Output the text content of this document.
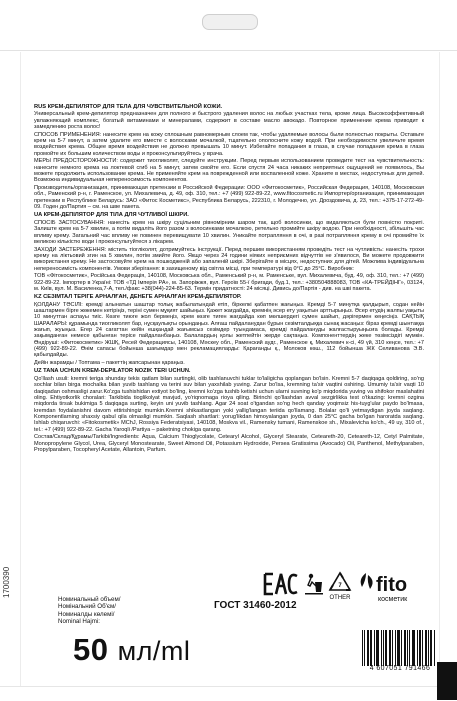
RUS КРЕМ-ДЕПИЛЯТОР ДЛЯ ТЕЛА ДЛЯ ЧУВСТВИТЕЛЬНОЙ КОЖИ.

Универсальный крем-депилятор предназначен для полного и быстрого удаления волос на любых участках тела, кроме лица. Высокоэффективный увлажняющий комплекс, богатый витаминами и минералами, содержит в составе масло авокадо. Повторное применение крема приводит к замедлению роста волос!

СПОСОБ ПРИМЕНЕНИЯ: нанесите крем на кожу сплошным равномерным слоем так, чтобы удаляемые волосы были полностью покрыты. Оставьте крем на 5-7 минут, а затем удалите его вместе с волосками мочалкой, тщательно ополосните кожу водой. При необходимости увеличьте время воздействия крема. Общее время воздействия не должно превышать 10 минут. Избегайте попадания в глаза, в случае попадания крема в глаза промойте их большим количеством воды и проконсультируйтесь у врача.

МЕРЫ ПРЕДОСТОРОЖНОСТИ: содержит тиогликолят, следуйте инструкции. Перед первым использованием проведите тест на чувствительность: нанесите немного крема на локтевой сгиб на 5 минут, затем смойте его. Если спустя 24 часа никаких неприятных ощущений не появилось, Вы можете продолжить использование крема. Не применяйте крем на поврежденной или воспаленной коже. Храните в местах, недоступных для детей. Возможна индивидуальная непереносимость компонентов.

Производитель/организация, принимающая претензии в Российской Федерации: ООО «Фитокосметик», Российская Федерация, 140108, Московская обл., Раменский р-н, г. Раменское, ул. Михалевича, д. 49, оф. 310, тел.: +7 (499) 922-89-22, www.fitocosmetic.ru Импортер/организация, принимающая претензии в Республике Беларусь: ЗАО «Фитос Косметикс», Республика Беларусь, 222310, г. Молодечно, ул. Дроздовича, д. 23, тел.: +375-17-272-49-09. Годен до/Партия – см. на шве пакета.

UA КРЕМ-ДЕПІЛЯТОР ДЛЯ ТІЛА ДЛЯ ЧУТЛИВОЇ ШКІРИ.

СПОСІБ ЗАСТОСУВАННЯ: нанесіть крем на шкіру суцільним рівномірним шаром так, щоб волосинки, що видаляються були повністю покриті. Залиште крем на 5-7 хвилин, а потім видаліть його разом з волосинками мочалкою, ретельно промийте шкіру водою. При необхідності, збільшіть час впливу крему. Загальний час впливу не повинен перевищувати 10 хвилин. Уникайте потрапляння в очі, в разі потрапляння крему в очі промийте їх великою кількістю води і проконсультуйтеся з лікарем.

ЗАХОДИ ЗАСТЕРЕЖЕННЯ: містить тіогліколят, дотримуйтесь інструкції. Перед першим використанням проведіть тест на чутливість: нанесіть трохи крему на ліктьовий згин на 5 хвилин, потім змийте його. Якщо через 24 години ніяких неприємних відчуттів не з'явилося, Ви можете продовжити використання крему. Не застосовуйте крем на пошкодженій або запаленій шкірі. Зберігайте в місцях, недоступних для дітей. Можлива індивідуальна непереносимість компонентів. Умови зберігання: в захищеному від світла місці, при температурі від 0°С до 25°С. Виробник:

ТОВ «Фітокосметик», Російська Федерація, 140108, Московська обл., Раменський р-н, м. Раменське, вул. Михалевича, буд. 49, оф. 310, тел.: +7 (499) 922-89-22. Імпортер в Україні: ТОВ «ТД Імперія РА», м. Запоріжжя, вул. Героїв 55-ї бригади, буд.1, тел.: +380504888083, ТОВ «КА-ТРЕЙДІНГ», 03124, м. Київ, вул. М. Василенка,7-А, тел./факс +38(044)-224-85-63. Термін придатності: 24 місяці. Дивись до/Партія - див. на шві пакета.

KZ СЕЗІМТАЛ ТЕРІГЕ АРНАЛҒАН, ДЕНЕГЕ АРНАЛҒАН КРЕМ-ДЕПИЛЯТОР.

ҚОЛДАНУ ТӘСІЛІ: кремді алынатын шаштар толық жабылатындай етіп, біркелкі қабатпен жағыңыз. Кремді 5-7 минутқа қалдырып, содан кейін шаштармен бірге жөкемен кетіріңіз, теріні сумен мұқият шайыңыз. Қажет жағдайда, кремнің әсер ету уақытын арттырыңыз. Әсер етудің жалпы уақыты 10 минуттан аспауы тиіс. Көзге тиюге жол бермеңіз, крем көзге тиген жағдайда көп мөлшердегі сумен шайып, дәрігермен кеңесіңіз. САҚТЫҚ ШАРАЛАРЫ: құрамында тиогликолят бар, нұсқаулықты орындаңыз. Алғаш пайдаланудан бұрын сезімталдыққа сынақ жасаңыз: біраз кремді шынтаққа жағып, жуыңыз. Егер 24 сағаттан кейін ешқандай жағымсыз сезімдер туындамаса, кремді пайдалануды жалғастыруыңызға болады. Кремді зақымданған немесе қабынған терісе пайдаланбаңыз. Балалардың қолы жетпейтін жерде сақтаңыз. Компоненттердің жеке төзімсіздігі мүмкін. Өндіруші: «Фитокосметик» ЖШҚ, Ресей Федерациясы, 140108, Мәскеу обл., Раменский аудг., Раменское қ, Михалевич к-сі, 49 үй, 310 кеңсе, тел.: +7 (499) 922-89-22. Өнім сапасы бойынша шағымдар мен рекламацияларды: Қарағанды қ., Молоков көш., 112 бойынша ЖК Селиванова Э.В. қабылдайды.

Дейін жарамды / Топтама – пакеттің жапсарынан қараңыз.

UZ TANA UCHUN KREM-DEPILATOR NOZIK TERI UCHUN.

Qo'llash usuli: kremni teriga shunday tekis qatlam bilan surtingki, olib tashlanuvchi tuklar to'laligicha qoplangan bo'lsin. Kremni 5-7 daqiqaga qoldiring, so'ng sochlar bilan birga mochalka bilan yuvib tashlang va terini suv bilan yaxshilab yuving. Zarur bo'lsa, kremning ta'sir vaqtini oshiring. Umumiy ta'sir vaqti 10 daqiqadan oshmasligi zarur.Ko'zga tushishidan extiyot bo'ling, kremni ko'zga tushib ketishi uchun ularni suvning ko'p miqdorida yuving va shifokor maslahatini oling. Ehtiyotkorlik choralari: Tarkibida tioglikolyat mavjud, yo'riqnomaga rioya qiling. Birinchi qo'llashdan avval sezgirlikka test o'tkazing: kremni ozgina miqdorda tirsak bukimiga 5 daqiqaga surting, keyin uni yuvib tashlang. Agar 24 soat o'tgandan so'ng hech qanday yoqimsiz his-tuyg'ular paydo bo'lmasa, kremdan foydalanishni davom ettirishingiz mumkin.Kremni shikastlangan yoki yallig'langan teriida qo'llamang. Bolalar qo'li yetmaydigan joyda saqlang. Komponentlarning shaxsiy qabul qila olmasligi mumkin. Saqlash shartlari: yorug'likdan himoyalangan joyda, 0 dan 25°C gacha bo'lgan haroratda saqlang. Ishlab chiqaruvchi: «Fitokosmetik» MChJ, Rossiya Federatsiyasi, 140108, Moskva vil., Ramensky tumani, Ramenskoe sh., Mixalevicha ko'ch., 49 uy, 310 of., tel.: +7 (499) 922-89-22. Gacha Yaroqli /Partiya – paketning chokiga qarang.

Состав/Склад/Құрамы/Tarkibi/Ingredients: Aqua, Calcium Thioglycolate, Cetearyl Alcohol, Glyceryl Stearate, Ceteareth-20, Ceteareth-12, Cetyl Palmitate, Monopropylene Glycol, Urea, Glyceryl Monostearate, Sweet Almond Oil, Potassium Hydroxide, Persea Gratissima (Avocado) Oil, Panthenol, Methylparaben, Propylparaben, Tocopheryl Acetate, Allantoin, Parfum.

1700390
Номинальный объем/
Номінальний Об'єм/
Номиналды көлемі/
Nominal Hajmi:
50 мл/ml
ГОСТ 31460-2012
7
OTHER
fito
косметик
4 607051 791466
